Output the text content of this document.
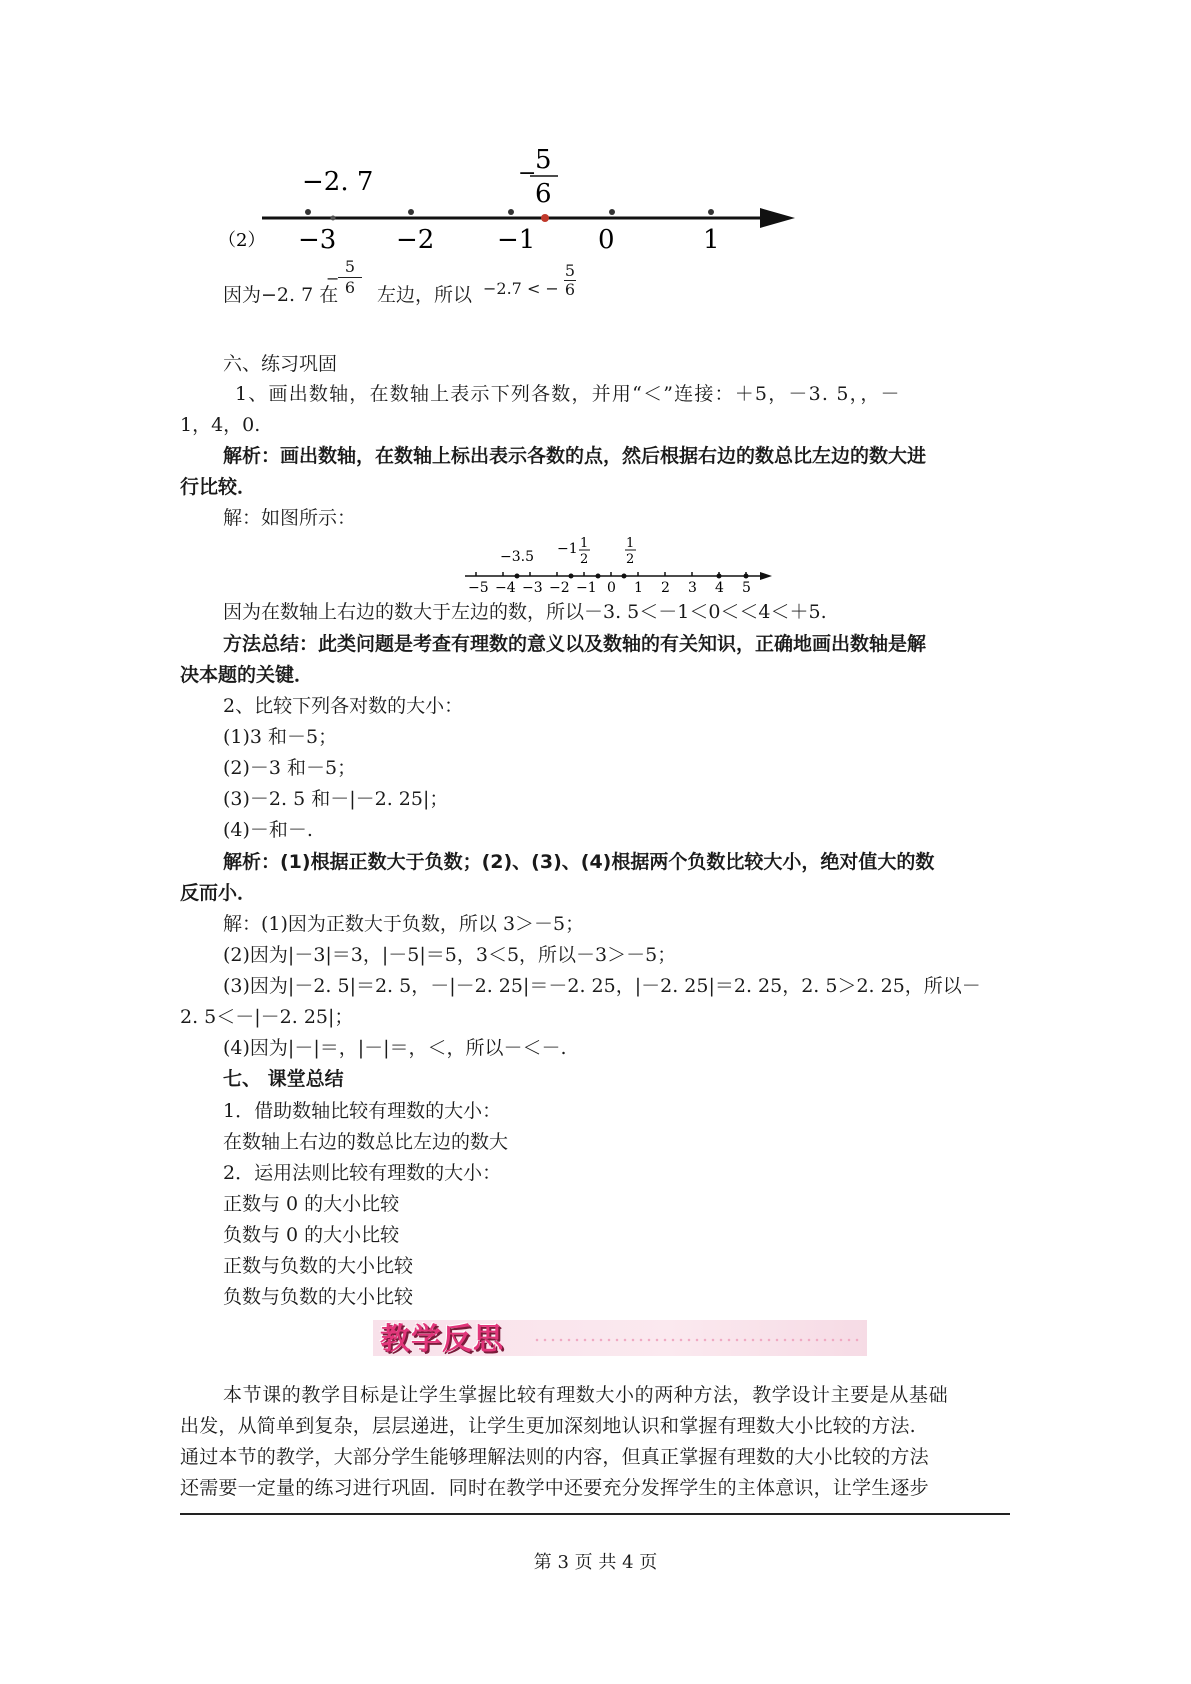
−2. 7	−
5
6
−3 −2 −1 0	1
（2）
因为−2. 7 在
−
5
6	左边，所以 −2.7 < − $\frac{5}{6}$
六、练习巩固
1、画出数轴，在数轴上表示下列各数，并用“＜”连接：＋5，－3. 5，，－
1，4，0.
解析：画出数轴，在数轴上标出表示各数的点，然后根据右边的数总比左边的数大进
行比较．
解：如图所示：
−3.5 −1 1
2
1
2
−5 −4 −3 −2 −1 0 1 2 3 4 5
因为在数轴上右边的数大于左边的数，所以－3. 5＜－1＜0＜＜4＜＋5.
方法总结：此类问题是考查有理数的意义以及数轴的有关知识，正确地画出数轴是解
决本题的关键．
2、比较下列各对数的大小：
(1)3 和－5；
(2)－3 和－5；
(3)－2. 5 和－|－2. 25|；
(4)－和－.
解析：(1)根据正数大于负数；(2)、(3)、(4)根据两个负数比较大小，绝对值大的数
反而小．
解：(1)因为正数大于负数，所以 3＞－5；
(2)因为|－3|＝3，|－5|＝5，3＜5，所以－3＞－5；
(3)因为|－2. 5|＝2. 5，－|－2. 25|＝－2. 25，|－2. 25|＝2. 25，2. 5＞2. 25，所以－
2. 5＜－|－2. 25|；
(4)因为|－|＝，|－|＝，＜，所以－＜－.
七、 课堂总结
1．借助数轴比较有理数的大小：
在数轴上右边的数总比左边的数大
2．运用法则比较有理数的大小：
正数与 0 的大小比较
负数与 0 的大小比较
正数与负数的大小比较
负数与负数的大小比较
教学反思
本节课的教学目标是让学生掌握比较有理数大小的两种方法，教学设计主要是从基础
出发，从简单到复杂，层层递进，让学生更加深刻地认识和掌握有理数大小比较的方法.
通过本节的教学，大部分学生能够理解法则的内容，但真正掌握有理数的大小比较的方法
还需要一定量的练习进行巩固．同时在教学中还要充分发挥学生的主体意识，让学生逐步
第 3 页 共 4 页
